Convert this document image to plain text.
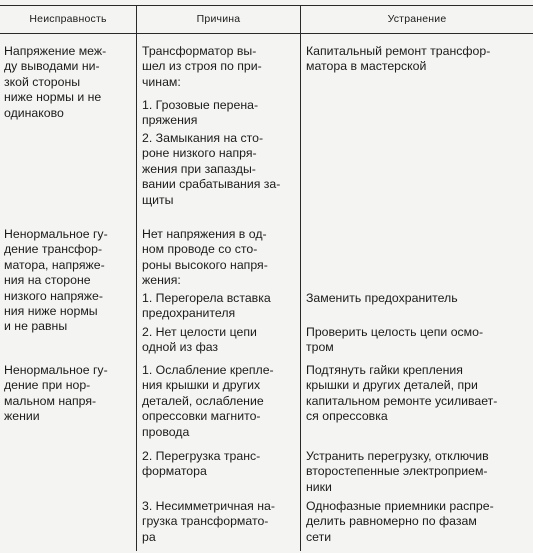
Неисправность	Причина	Устранение
Напряжение меж-
ду выводами ни-
зкой стороны
ниже нормы и не
одинаково
Трансформатор вы-
шел из строя по при-
чинам:
1. Грозовые перена-
пряжения
2. Замыкания на сто-
роне низкого напря-
жения при запазды-
вании срабатывания за-
щиты
Капитальный ремонт трансфор-
матора в мастерской
Ненормальное гу-
дение трансфор-
матора, напряже-
ния на стороне
низкого напряже-
ния ниже нормы
и не равны
Нет напряжения в од-
ном проводе со сто-
роны высокого напря-
жения:
1. Перегорела вставка
предохранителя
2. Нет целости цепи
одной из фаз
Заменить предохранитель
Проверить целость цепи осмо-
тром
Ненормальное гу-
дение при нор-
мальном напря-
жении
1. Ослабление крепле-
ния крышки и других
деталей, ослабление
опрессовки магнито-
провода
2. Перегрузка транс-
форматора
3. Несимметричная на-
грузка трансформато-
ра
Подтянуть гайки крепления
крышки и других деталей, при
капитальном ремонте усиливает-
ся опрессовка
Устранить перегрузку, отключив
второстепенные электроприем-
ники
Однофазные приемники распре-
делить равномерно по фазам
сети
